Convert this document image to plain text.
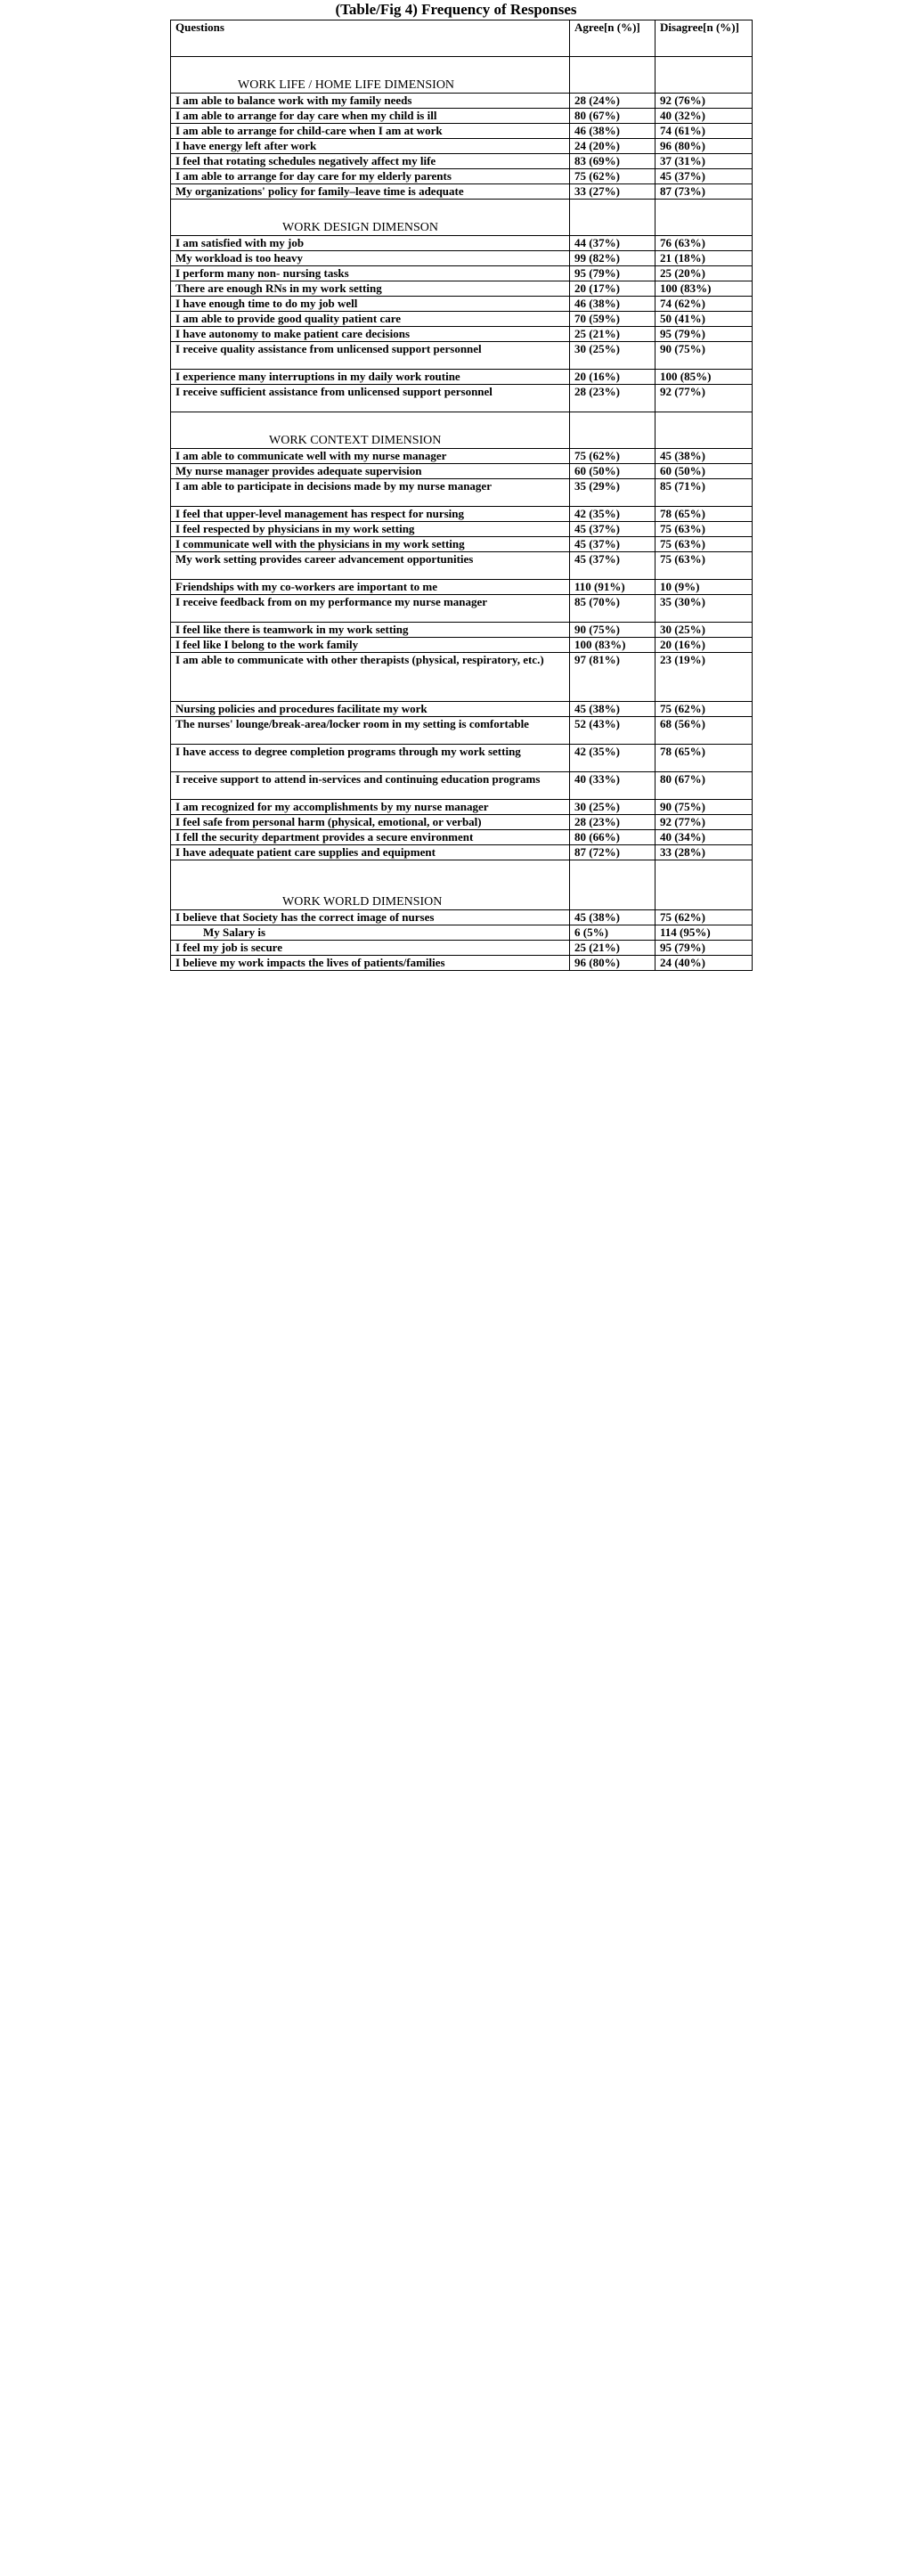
(Table/Fig 4) Frequency of Responses
Questions	Agree[n (%)]	Disagree[n (%)]
WORK LIFE / HOME LIFE DIMENSION		
I am able to balance work with my family needs	28 (24%)	92 (76%)
I am able to arrange for day care when my child is ill	80 (67%)	40 (32%)
I am able to arrange for child-care when I am at work	46 (38%)	74 (61%)
I have energy left after work	24 (20%)	96 (80%)
I feel that rotating schedules negatively affect my life	83 (69%)	37 (31%)
I am able to arrange for day care for my elderly parents	75 (62%)	45 (37%)
My organizations' policy for family–leave time is adequate	33 (27%)	87 (73%)
WORK DESIGN DIMENSON		
I am satisfied with my job	44 (37%)	76 (63%)
My workload is too heavy	99 (82%)	21 (18%)
I perform many non- nursing tasks	95 (79%)	25 (20%)
There are enough RNs in my work setting	20 (17%)	100 (83%)
I have enough time to do my job well	46 (38%)	74 (62%)
I am able to provide good quality patient care	70 (59%)	50 (41%)
I have autonomy to make patient care decisions	25 (21%)	95 (79%)
I receive quality assistance from unlicensed support personnel	30 (25%)	90 (75%)
I experience many interruptions in my daily work routine	20 (16%)	100 (85%)
I receive sufficient assistance from unlicensed support personnel	28 (23%)	92 (77%)
WORK CONTEXT DIMENSION		
I am able to communicate well with my nurse manager	75 (62%)	45 (38%)
My nurse manager provides adequate supervision	60 (50%)	60 (50%)
I am able to participate in decisions made by my nurse manager	35 (29%)	85 (71%)
I feel that upper-level management has respect for nursing	42 (35%)	78 (65%)
I feel respected by physicians in my work setting	45 (37%)	75 (63%)
I communicate well with the physicians in my work setting	45 (37%)	75 (63%)
My work setting provides career advancement opportunities	45 (37%)	75 (63%)
Friendships with my co-workers are important to me	110 (91%)	10 (9%)
I receive feedback from on my performance my nurse manager	85 (70%)	35 (30%)
I feel like there is teamwork in my work setting	90 (75%)	30 (25%)
I feel like I belong to the work family	100 (83%)	20 (16%)
I am able to communicate with other therapists (physical, respiratory, etc.)	97 (81%)	23 (19%)
Nursing policies and procedures facilitate my work	45 (38%)	75 (62%)
The nurses' lounge/break-area/locker room in my setting is comfortable	52 (43%)	68 (56%)
I have access to degree completion programs through my work setting	42 (35%)	78 (65%)
I receive support to attend in-services and continuing education programs	40 (33%)	80 (67%)
I am recognized for my accomplishments by my nurse manager	30 (25%)	90 (75%)
I feel safe from personal harm (physical, emotional, or verbal)	28 (23%)	92 (77%)
I fell the security department provides a secure environment	80 (66%)	40 (34%)
I have adequate patient care supplies and equipment	87 (72%)	33 (28%)
WORK WORLD DIMENSION		
I believe that Society has the correct image of nurses	45 (38%)	75 (62%)
My Salary is	6 (5%)	114 (95%)
I feel my job is secure	25 (21%)	95 (79%)
I believe my work impacts the lives of patients/families	96 (80%)	24 (40%)
